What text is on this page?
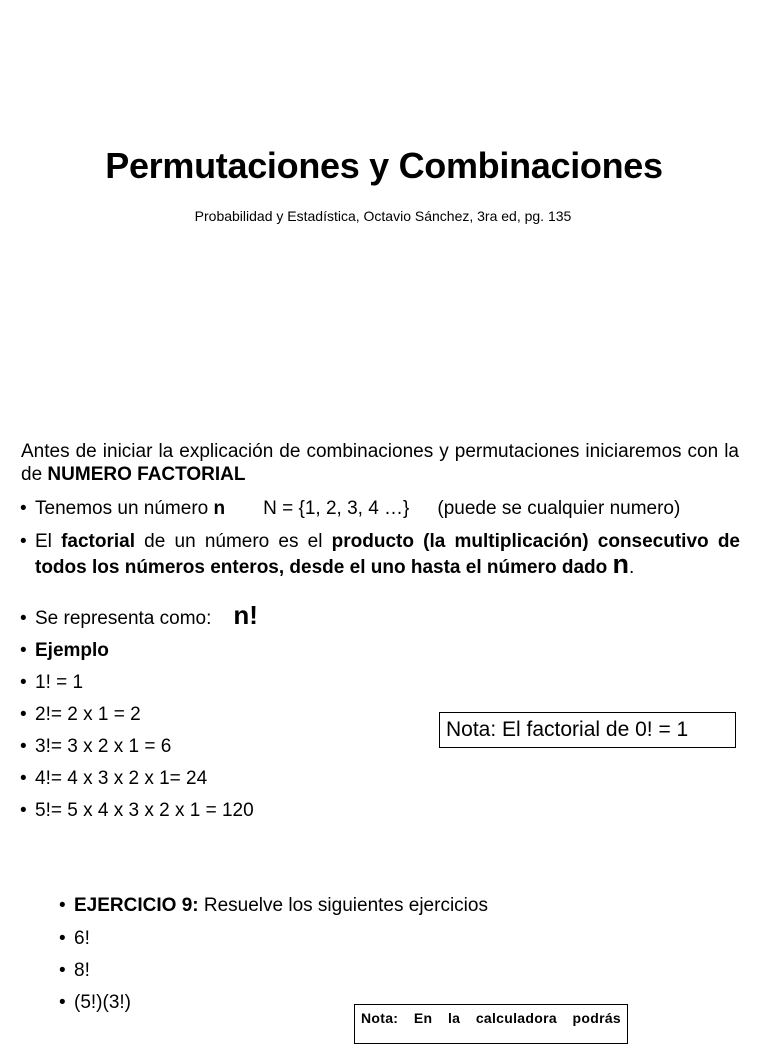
Permutaciones y Combinaciones
Probabilidad y Estadística, Octavio Sánchez, 3ra ed, pg. 135
Antes de iniciar la explicación de combinaciones y permutaciones iniciaremos con la de NUMERO FACTORIAL
• Tenemos un número n N = {1, 2, 3, 4 …} (puede se cualquier numero)
• El factorial de un número es el producto (la multiplicación) consecutivo de
todos los números enteros, desde el uno hasta el número dado n.
• Se representa como: n!
• Ejemplo
• 1! = 1
• 2!= 2 x 1 = 2
• 3!= 3 x 2 x 1 = 6
• 4!= 4 x 3 x 2 x 1= 24
• 5!= 5 x 4 x 3 x 2 x 1 = 120
Nota: El factorial de 0! = 1
• EJERCICIO 9: Resuelve los siguientes ejercicios
• 6!
• 8!
• (5!)(3!)
Nota: En la calculadora podrás
